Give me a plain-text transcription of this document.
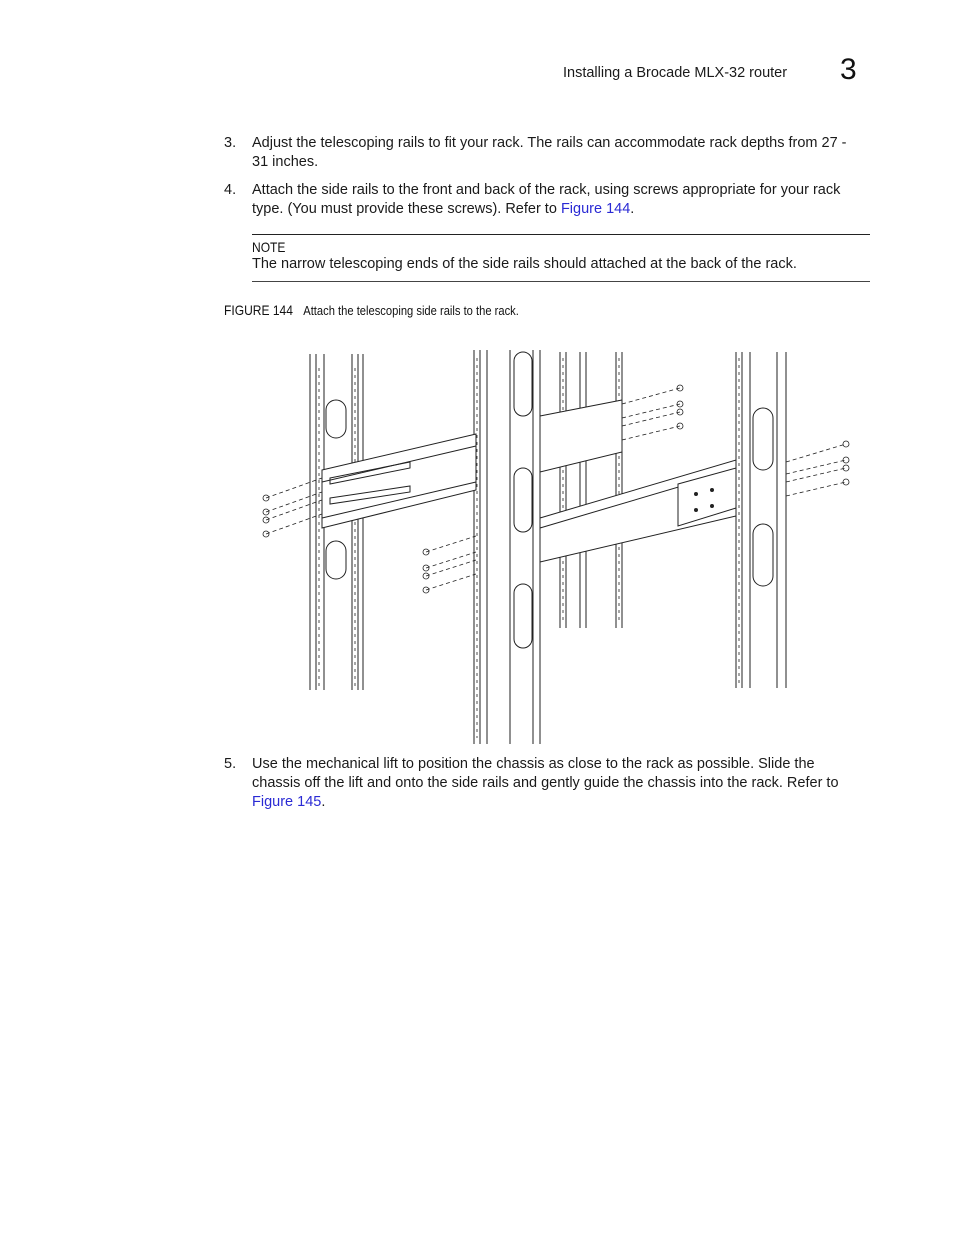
Installing a Brocade MLX-32 router 3
3.	Adjust the telescoping rails to fit your rack. The rails can accommodate rack depths from 27 - 31 inches.
4.	Attach the side rails to the front and back of the rack, using screws appropriate for your rack type. (You must provide these screws). Refer to Figure 144.
NOTE
The narrow telescoping ends of the side rails should attached at the back of the rack.
FIGURE 144 Attach the telescoping side rails to the rack.
5.	Use the mechanical lift to position the chassis as close to the rack as possible. Slide the chassis off the lift and onto the side rails and gently guide the chassis into the rack. Refer to Figure 145.
